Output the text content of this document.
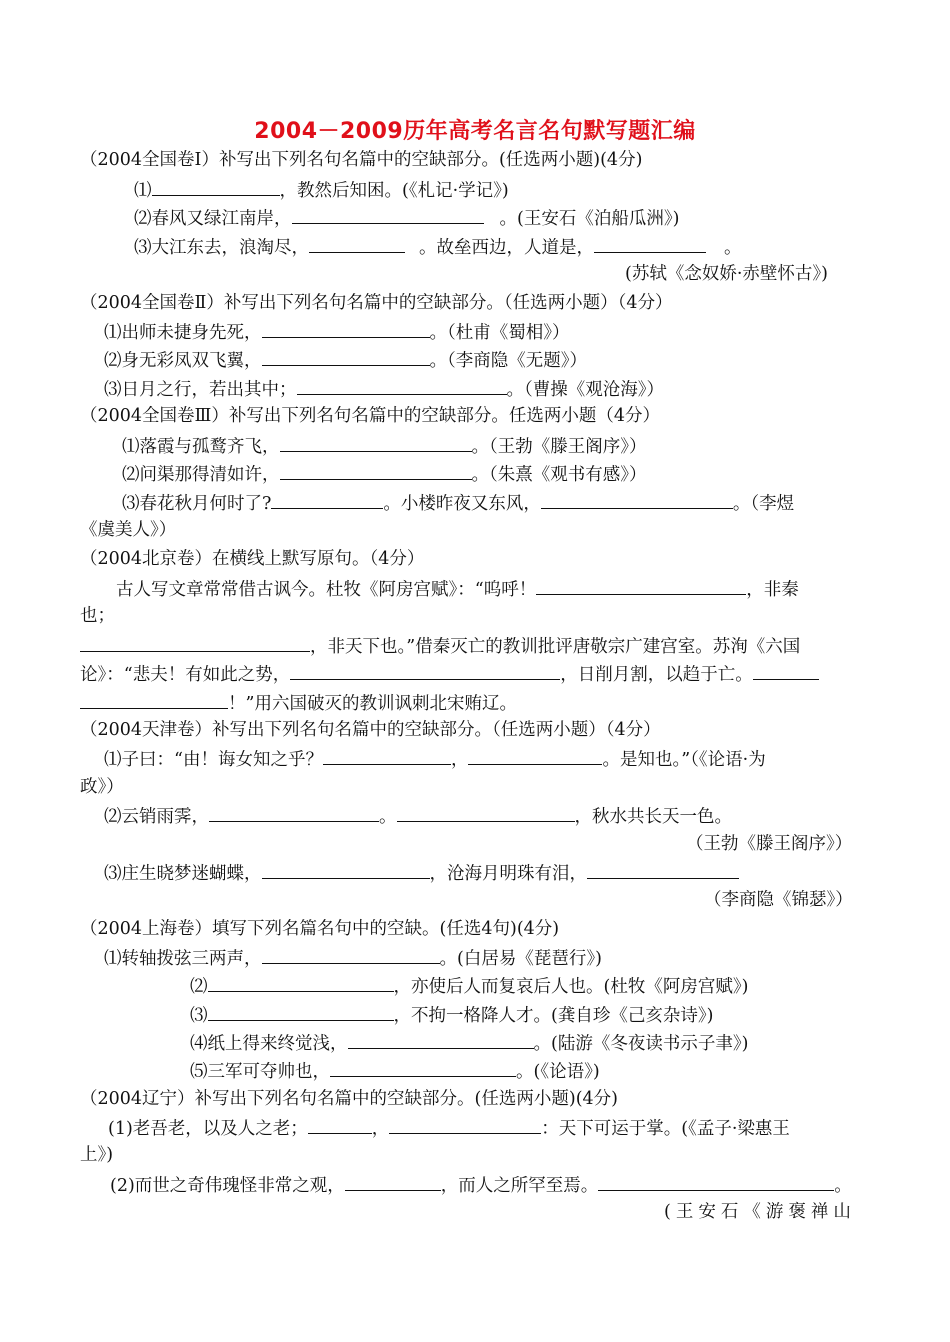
2004－2009历年高考名言名句默写题汇编
（2004全国卷Ⅰ）补写出下列名句名篇中的空缺部分。(任选两小题)(4分)
⑴	，教然后知困。(《札记·学记》)
⑵春风又绿江南岸，	。(王安石《泊船瓜洲》)
⑶大江东去，浪淘尽，	。故垒西边，人道是，	。
(苏轼《念奴娇·赤壁怀古》)
（2004全国卷Ⅱ）补写出下列名句名篇中的空缺部分。（任选两小题）（4分）
⑴出师未捷身先死，	。（杜甫《蜀相》）
⑵身无彩凤双飞翼，	。（李商隐《无题》）
⑶日月之行，若出其中；	。（曹操《观沧海》）
（2004全国卷Ⅲ）补写出下列名句名篇中的空缺部分。任选两小题（4分）
⑴落霞与孤鹜齐飞，	。（王勃《滕王阁序》）
⑵问渠那得清如许，	。（朱熹《观书有感》）
⑶春花秋月何时了?	。小楼昨夜又东风，	。（李煜
《虞美人》）
（2004北京卷）在横线上默写原句。（4分）
古人写文章常常借古讽今。杜牧《阿房宫赋》：“呜呼！	，非秦
也；
，非天下也。”借秦灭亡的教训批评唐敬宗广建宫室。苏洵《六国
论》：“悲夫！有如此之势，	，日削月割，以趋于亡。
！”用六国破灭的教训讽刺北宋贿辽。
（2004天津卷）补写出下列名句名篇中的空缺部分。（任选两小题）（4分）
⑴子曰：“由！诲女知之乎？	，	。是知也。”（《论语·为
政》）
⑵云销雨霁，	。	，秋水共长天一色。
（王勃《滕王阁序》）
⑶庄生晓梦迷蝴蝶，	，沧海月明珠有泪，
（李商隐《锦瑟》）
（2004上海卷）填写下列名篇名句中的空缺。(任选4句)(4分)
⑴转轴拨弦三两声，	。(白居易《琵琶行》)
⑵	，亦使后人而复哀后人也。(杜牧《阿房宫赋》)
⑶	，不拘一格降人才。(龚自珍《己亥杂诗》)
⑷纸上得来终觉浅，	。(陆游《冬夜读书示子聿》)
⑸三军可夺帅也，	。(《论语》)
（2004辽宁）补写出下列名句名篇中的空缺部分。(任选两小题)(4分)
(1)老吾老，以及人之老；	，	：天下可运于掌。(《孟子·梁惠王
上》)
(2)而世之奇伟瑰怪非常之观，	，而人之所罕至焉。	。
(王安石《游褒禅山
